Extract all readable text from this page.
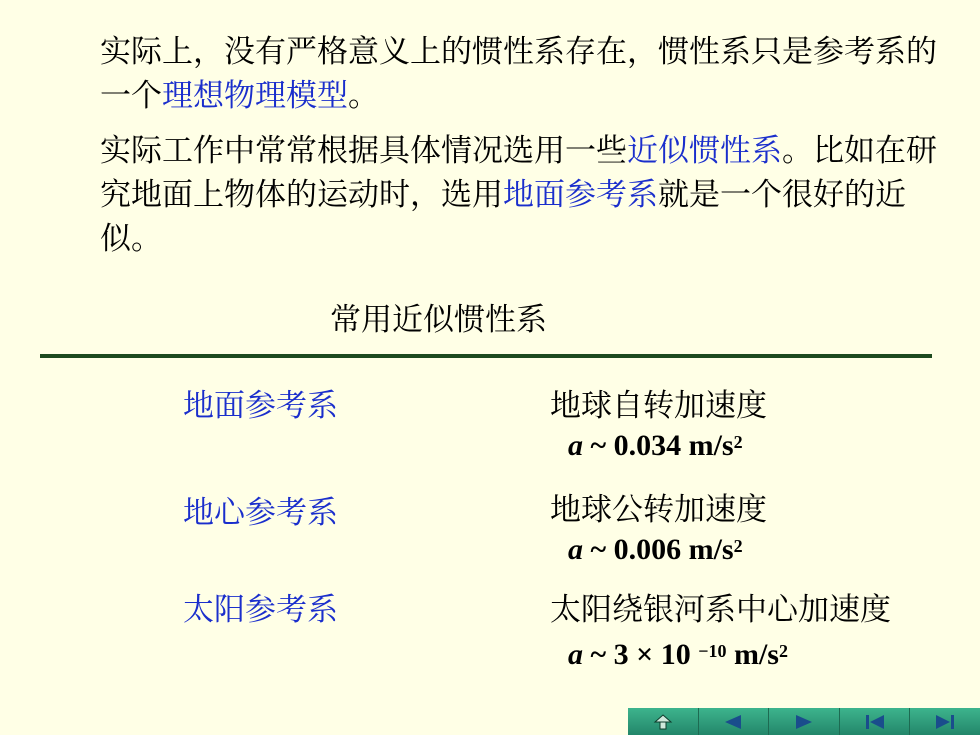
实际上，没有严格意义上的惯性系存在，惯性系只是参考系的一个理想物理模型。

实际工作中常常根据具体情况选用一些近似惯性系。比如在研究地面上物体的运动时，选用地面参考系就是一个很好的近似。

常用近似惯性系
地面参考系	地球自转加速度
a ~ 0.034 $m/s^2$
地心参考系	地球公转加速度
a ~ 0.006 $m/s^2$
太阳参考系	太阳绕银河系中心加速度
a ~ 3 × 10 $^{-10}$ $m/s^2$
